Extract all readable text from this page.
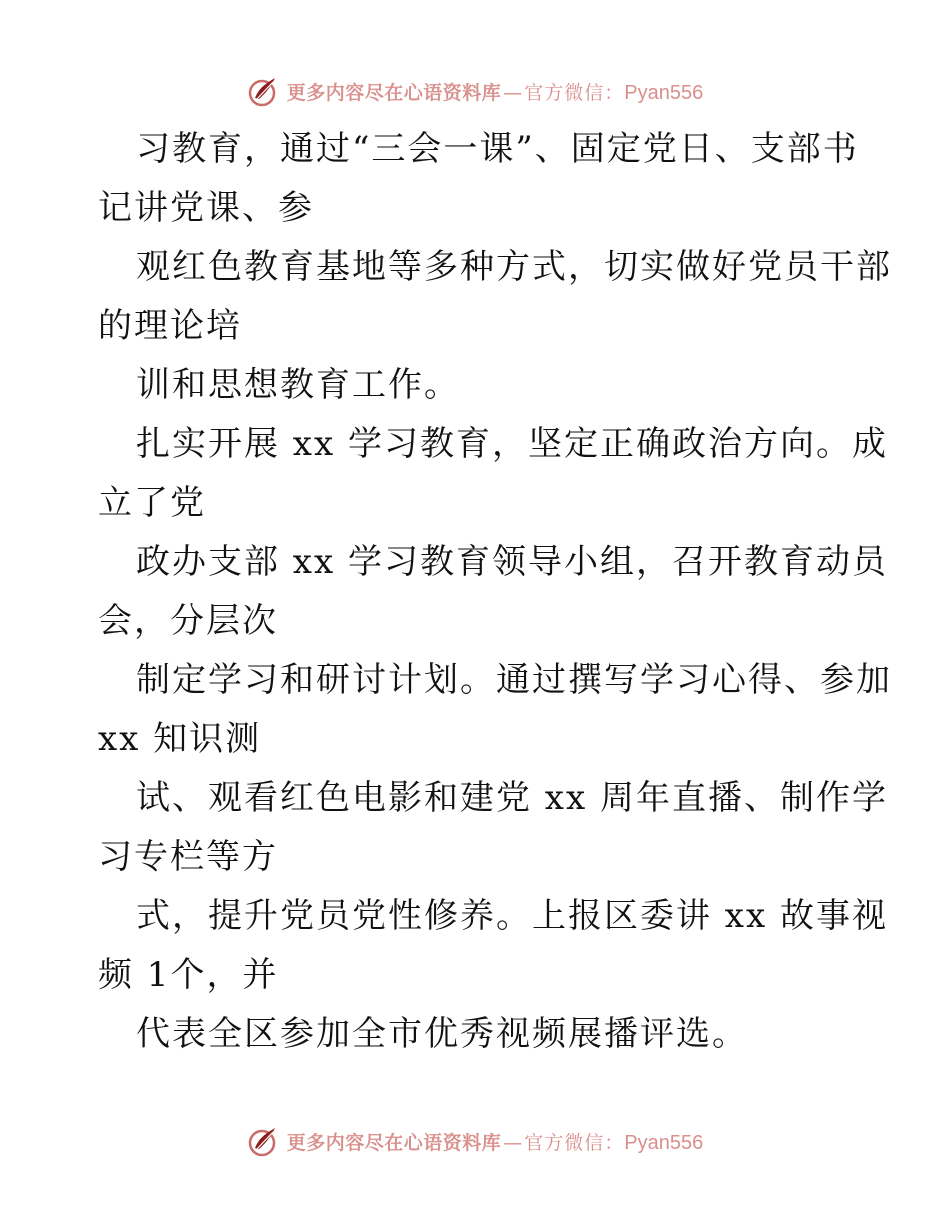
更多内容尽在心语资料库 — 官方微信： Pyan556
习教育，通过“三会一课”、固定党日、支部书
记讲党课、参
观红色教育基地等多种方式，切实做好党员干部
的理论培
训和思想教育工作。
扎实开展 xx 学习教育，坚定正确政治方向。成
立了党
政办支部 xx 学习教育领导小组，召开教育动员
会，分层次
制定学习和研讨计划。通过撰写学习心得、参加
xx 知识测
试、观看红色电影和建党 xx 周年直播、制作学
习专栏等方
式，提升党员党性修养。上报区委讲 xx 故事视
频 1个，并
代表全区参加全市优秀视频展播评选。
更多内容尽在心语资料库 — 官方微信： Pyan556
